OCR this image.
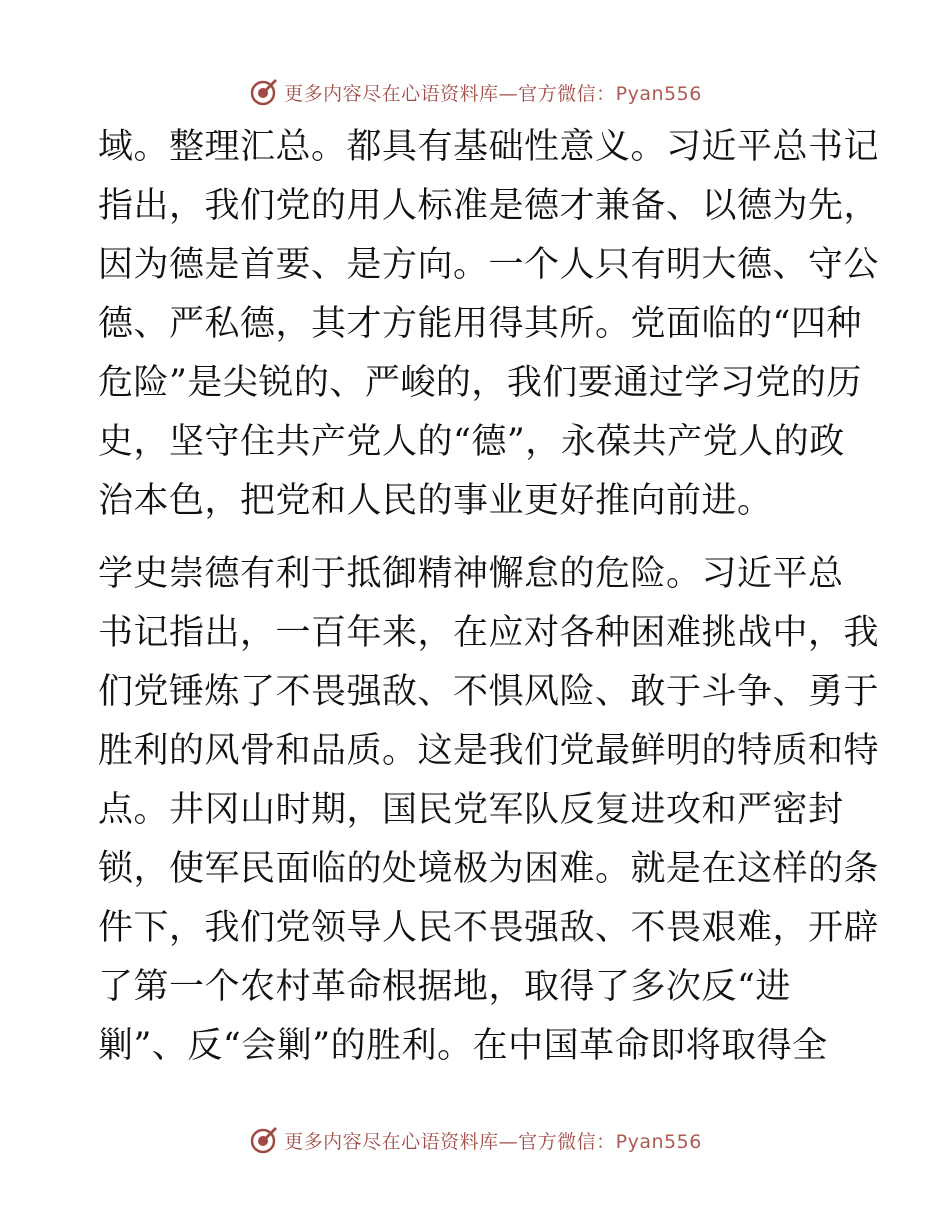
更多内容尽在心语资料库—官方微信：Pyan556
域。整理汇总。都具有基础性意义。习近平总书记
指出，我们党的用人标准是德才兼备、以德为先，
因为德是首要、是方向。一个人只有明大德、守公
德、严私德，其才方能用得其所。党面临的“四种
危险”是尖锐的、严峻的，我们要通过学习党的历
史，坚守住共产党人的“德”，永葆共产党人的政
治本色，把党和人民的事业更好推向前进。
学史崇德有利于抵御精神懈怠的危险。习近平总
书记指出，一百年来，在应对各种困难挑战中，我
们党锤炼了不畏强敌、不惧风险、敢于斗争、勇于
胜利的风骨和品质。这是我们党最鲜明的特质和特
点。井冈山时期，国民党军队反复进攻和严密封
锁，使军民面临的处境极为困难。就是在这样的条
件下，我们党领导人民不畏强敌、不畏艰难，开辟
了第一个农村革命根据地，取得了多次反“进
剿”、反“会剿”的胜利。在中国革命即将取得全
更多内容尽在心语资料库—官方微信：Pyan556
